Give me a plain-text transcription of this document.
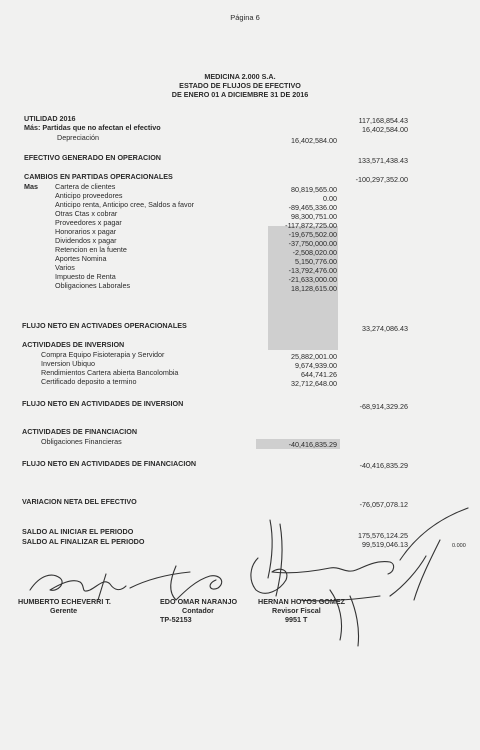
Página 6
MEDICINA 2.000 S.A.
ESTADO DE FLUJOS DE EFECTIVO
DE ENERO 01 A DICIEMBRE 31 DE 2016
UTILIDAD 2016	117,168,854.43
Más: Partidas que no afectan el efectivo	16,402,584.00
Depreciación	16,402,584.00
EFECTIVO GENERADO EN OPERACION	133,571,438.43
CAMBIOS EN PARTIDAS OPERACIONALES	-100,297,352.00
Mas Cartera de clientes	80,819,565.00
Anticipo proveedores	0.00
Anticipo renta, Anticipo cree, Saldos a favor	-89,465,336.00
Otras Ctas x cobrar	98,300,751.00
Proveedores x pagar	-117,872,725.00
Honorarios x pagar	-19,675,502.00
Dividendos x pagar	-37,750,000.00
Retencion en la fuente	-2,508,020.00
Aportes Nomina	5,150,776.00
Varios	-13,792,476.00
Impuesto de Renta	-21,633,000.00
Obligaciones Laborales	18,128,615.00
FLUJO NETO EN ACTIVADES OPERACIONALES	33,274,086.43
ACTIVIDADES DE INVERSION
Compra Equipo Fisioterapia y Servidor	25,882,001.00
Inversion Ubiquo	9,674,939.00
Rendimientos Cartera abierta Bancolombia	644,741.26
Certificado deposito a termino	32,712,648.00
FLUJO NETO EN ACTIVIDADES DE INVERSION	-68,914,329.26
ACTIVIDADES DE FINANCIACION
Obligaciones Financieras	-40,416,835.29
FLUJO NETO EN ACTIVIDADES DE FINANCIACION	-40,416,835.29
VARIACION NETA DEL EFECTIVO	-76,057,078.12
SALDO AL INICIAR EL PERIODO	175,576,124.25
SALDO AL FINALIZAR EL PERIODO	99,519,046.13	0.000
HUMBERTO ECHEVERRI T.
Gerente
EDO OMAR NARANJO
Contador
TP-52153
HERNAN HOYOS GOMEZ
Revisor Fiscal
9951 T
